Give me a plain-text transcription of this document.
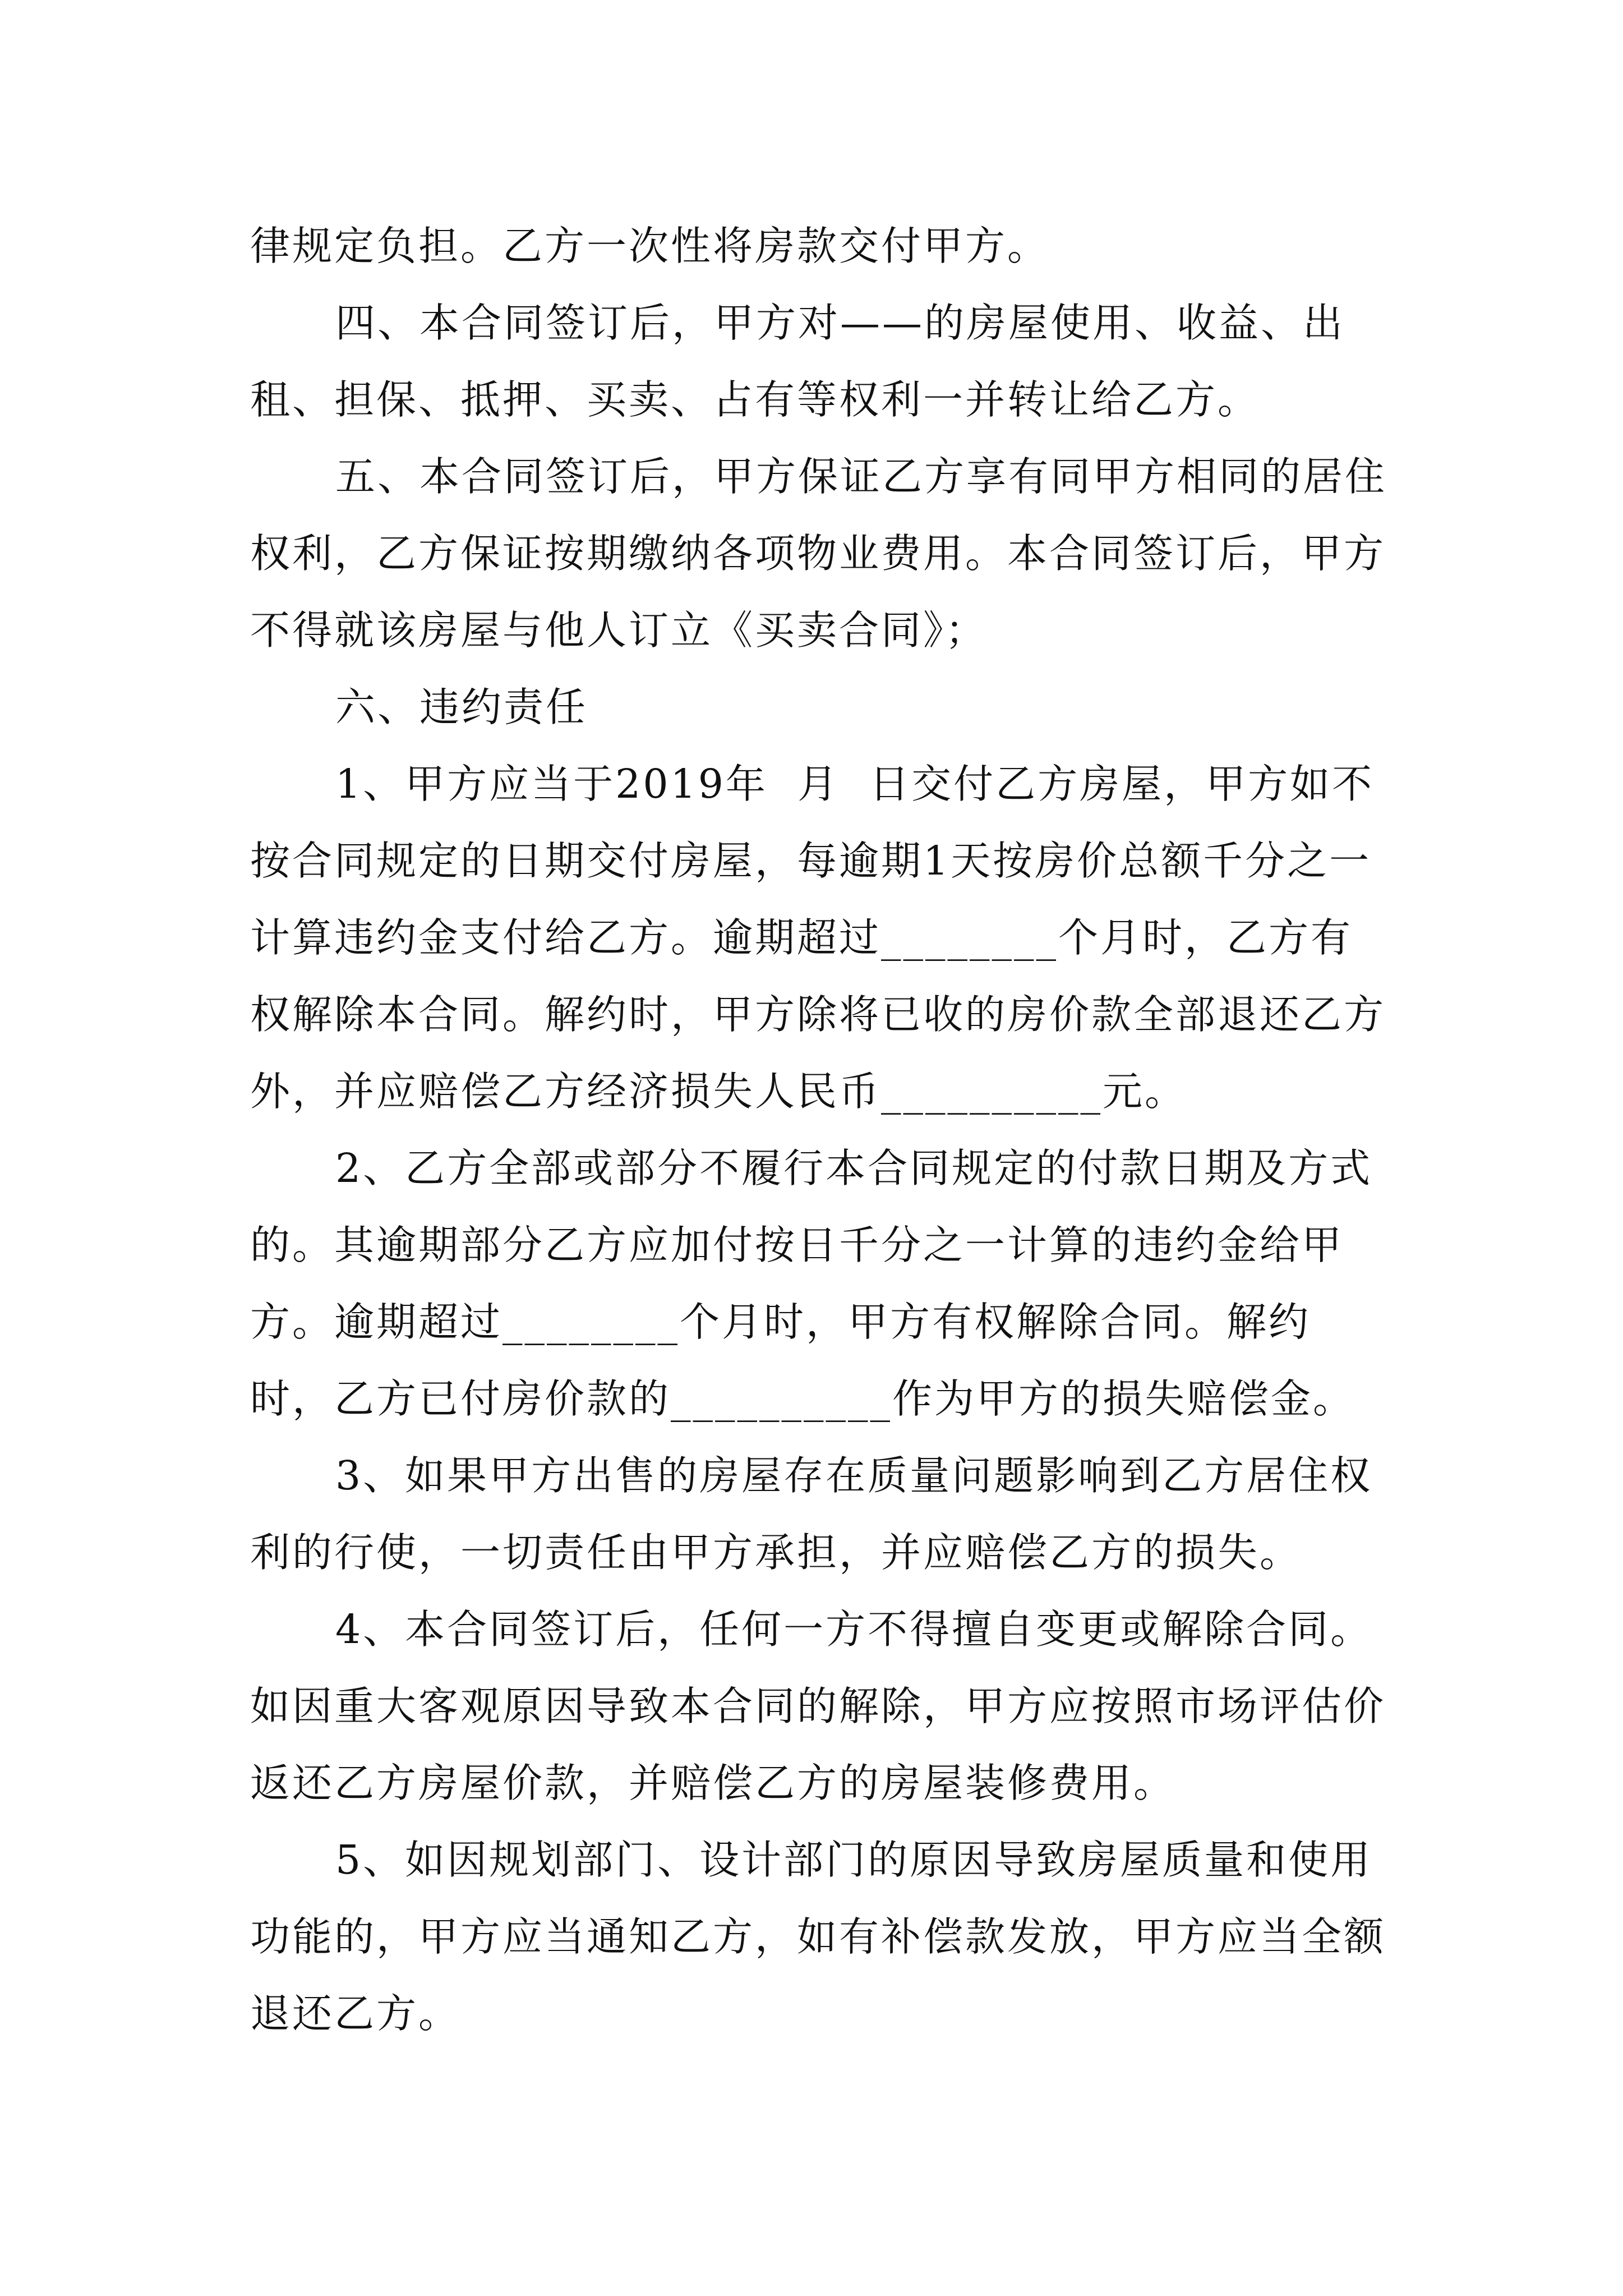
律规定负担。乙方一次性将房款交付甲方。

四、本合同签订后，甲方对——的房屋使用、收益、出租、担保、抵押、买卖、占有等权利一并转让给乙方。

五、本合同签订后，甲方保证乙方享有同甲方相同的居住权利，乙方保证按期缴纳各项物业费用。本合同签订后，甲方不得就该房屋与他人订立《买卖合同》；

六、违约责任

1、甲方应当于2019年  月  日交付乙方房屋，甲方如不按合同规定的日期交付房屋，每逾期1天按房价总额千分之一计算违约金支付给乙方。逾期超过________个月时，乙方有权解除本合同。解约时，甲方除将已收的房价款全部退还乙方外，并应赔偿乙方经济损失人民币__________元。

2、乙方全部或部分不履行本合同规定的付款日期及方式的。其逾期部分乙方应加付按日千分之一计算的违约金给甲方。逾期超过________个月时，甲方有权解除合同。解约时，乙方已付房价款的__________作为甲方的损失赔偿金。

3、如果甲方出售的房屋存在质量问题影响到乙方居住权利的行使，一切责任由甲方承担，并应赔偿乙方的损失。

4、本合同签订后，任何一方不得擅自变更或解除合同。如因重大客观原因导致本合同的解除，甲方应按照市场评估价返还乙方房屋价款，并赔偿乙方的房屋装修费用。

5、如因规划部门、设计部门的原因导致房屋质量和使用功能的，甲方应当通知乙方，如有补偿款发放，甲方应当全额退还乙方。
